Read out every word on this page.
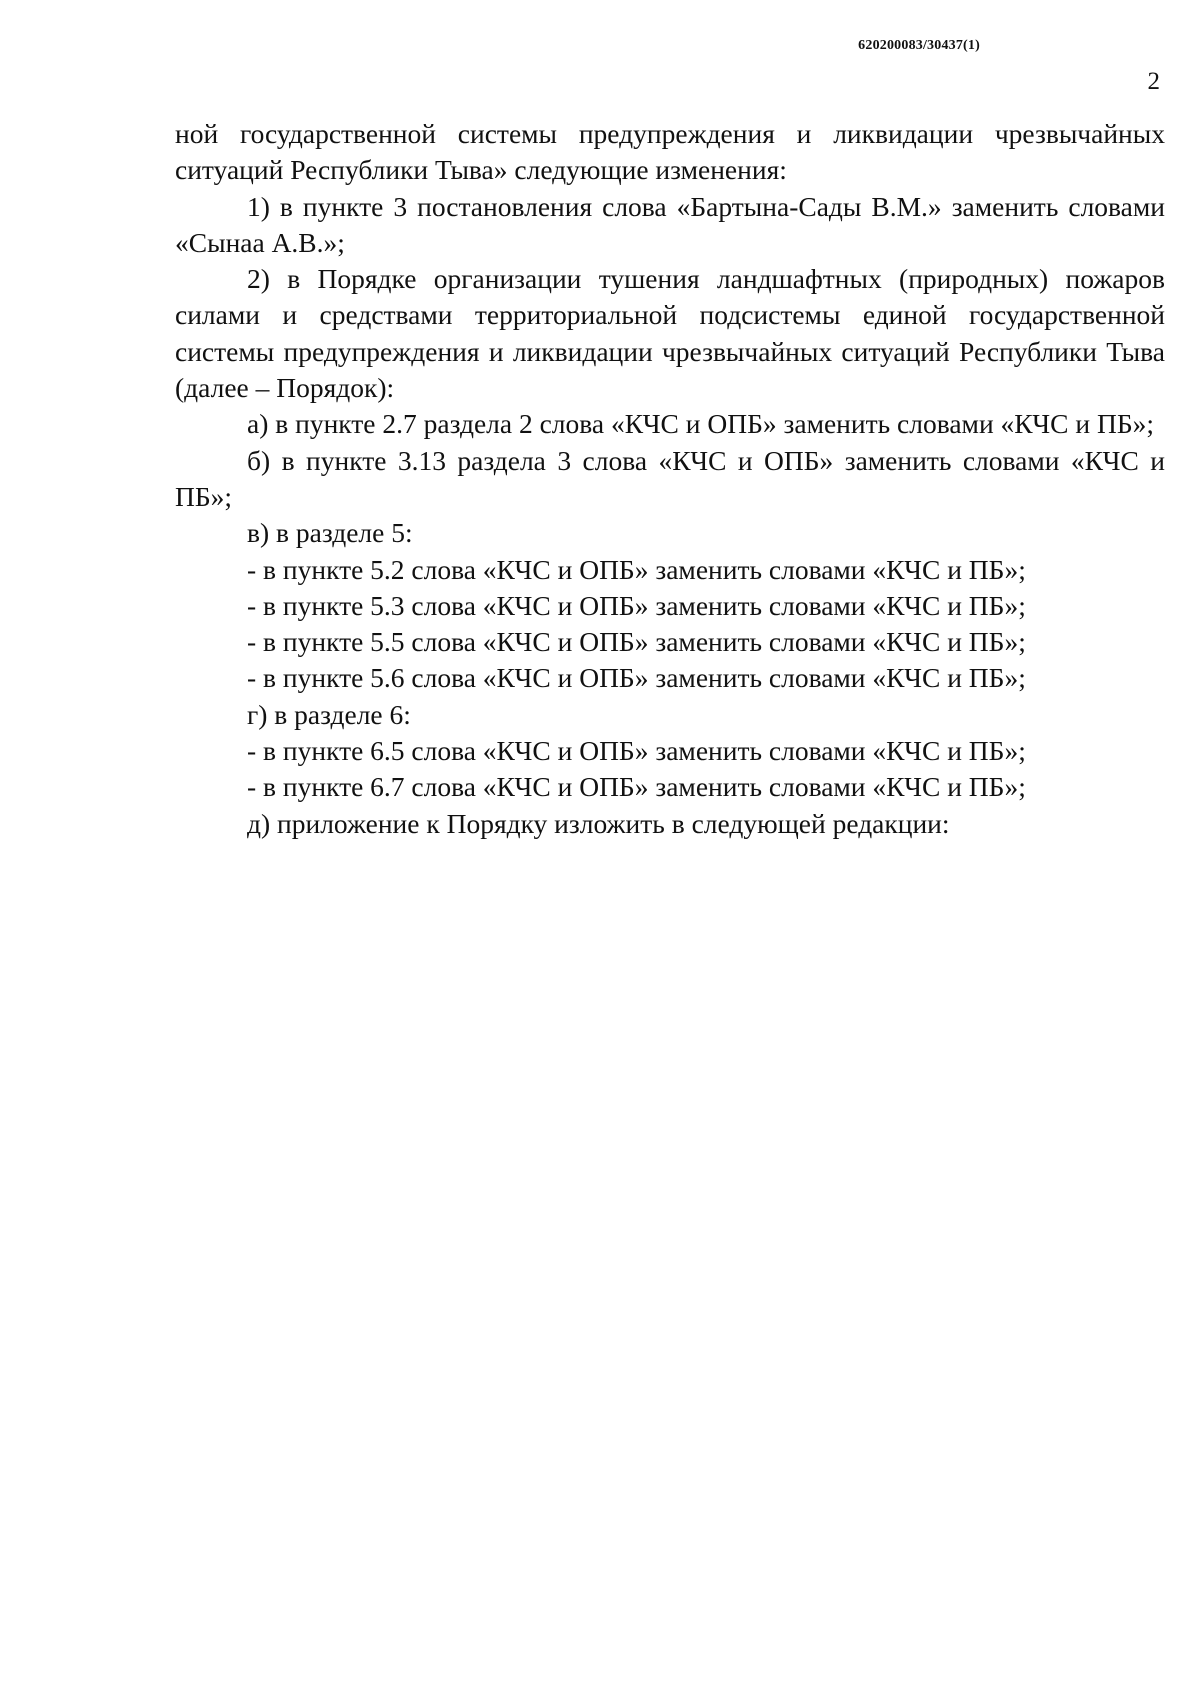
620200083/30437(1)
2

ной государственной системы предупреждения и ликвидации чрезвычайных ситуаций Республики Тыва» следующие изменения:

1) в пункте 3 постановления слова «Бартына-Сады В.М.» заменить словами «Сынаа А.В.»;

2) в Порядке организации тушения ландшафтных (природных) пожаров силами и средствами территориальной подсистемы единой государственной системы предупреждения и ликвидации чрезвычайных ситуаций Республики Тыва (далее – Порядок):

а) в пункте 2.7 раздела 2 слова «КЧС и ОПБ» заменить словами «КЧС и ПБ»;

б) в пункте 3.13 раздела 3 слова «КЧС и ОПБ» заменить словами «КЧС и ПБ»;

в) в разделе 5:

- в пункте 5.2 слова «КЧС и ОПБ» заменить словами «КЧС и ПБ»;

- в пункте 5.3 слова «КЧС и ОПБ» заменить словами «КЧС и ПБ»;

- в пункте 5.5 слова «КЧС и ОПБ» заменить словами «КЧС и ПБ»;

- в пункте 5.6 слова «КЧС и ОПБ» заменить словами «КЧС и ПБ»;

г) в разделе 6:

- в пункте 6.5 слова «КЧС и ОПБ» заменить словами «КЧС и ПБ»;

- в пункте 6.7 слова «КЧС и ОПБ» заменить словами «КЧС и ПБ»;

д) приложение к Порядку изложить в следующей редакции:
